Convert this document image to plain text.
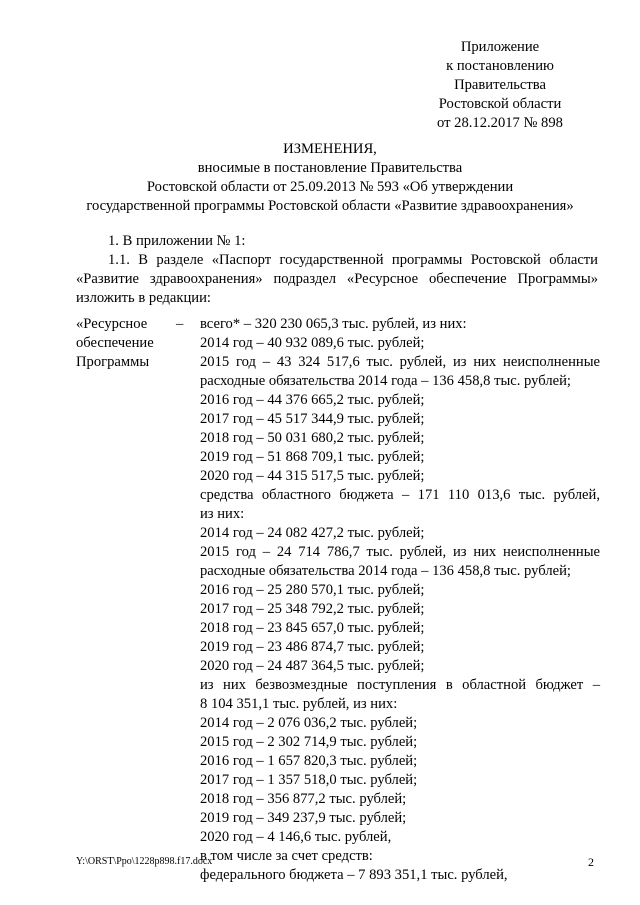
Приложение
к постановлению
Правительства
Ростовской области
от 28.12.2017 № 898
ИЗМЕНЕНИЯ,
вносимые в постановление Правительства
Ростовской области от 25.09.2013 № 593 «Об утверждении
государственной программы Ростовской области «Развитие здравоохранения»
1. В приложении № 1:
1.1. В разделе «Паспорт государственной программы Ростовской области
«Развитие здравоохранения» подраздел «Ресурсное обеспечение Программы»
изложить в редакции:
«Ресурсное
обеспечение
Программы
– всего* – 320 230 065,3 тыс. рублей, из них:
2014 год – 40 932 089,6 тыс. рублей;
2015 год – 43 324 517,6 тыс. рублей, из них неисполненные
расходные обязательства 2014 года – 136 458,8 тыс. рублей;
2016 год – 44 376 665,2 тыс. рублей;
2017 год – 45 517 344,9 тыс. рублей;
2018 год – 50 031 680,2 тыс. рублей;
2019 год – 51 868 709,1 тыс. рублей;
2020 год – 44 315 517,5 тыс. рублей;
средства областного бюджета – 171 110 013,6 тыс. рублей,
из них:
2014 год – 24 082 427,2 тыс. рублей;
2015 год – 24 714 786,7 тыс. рублей, из них неисполненные
расходные обязательства 2014 года – 136 458,8 тыс. рублей;
2016 год – 25 280 570,1 тыс. рублей;
2017 год – 25 348 792,2 тыс. рублей;
2018 год – 23 845 657,0 тыс. рублей;
2019 год – 23 486 874,7 тыс. рублей;
2020 год – 24 487 364,5 тыс. рублей;
из них безвозмездные поступления в областной бюджет –
8 104 351,1 тыс. рублей, из них:
2014 год – 2 076 036,2 тыс. рублей;
2015 год – 2 302 714,9 тыс. рублей;
2016 год – 1 657 820,3 тыс. рублей;
2017 год – 1 357 518,0 тыс. рублей;
2018 год – 356 877,2 тыс. рублей;
2019 год – 349 237,9 тыс. рублей;
2020 год – 4 146,6 тыс. рублей,
в том числе за счет средств:
федерального бюджета – 7 893 351,1 тыс. рублей,
Y:\ORST\Ppo\1228p898.f17.docx	2
